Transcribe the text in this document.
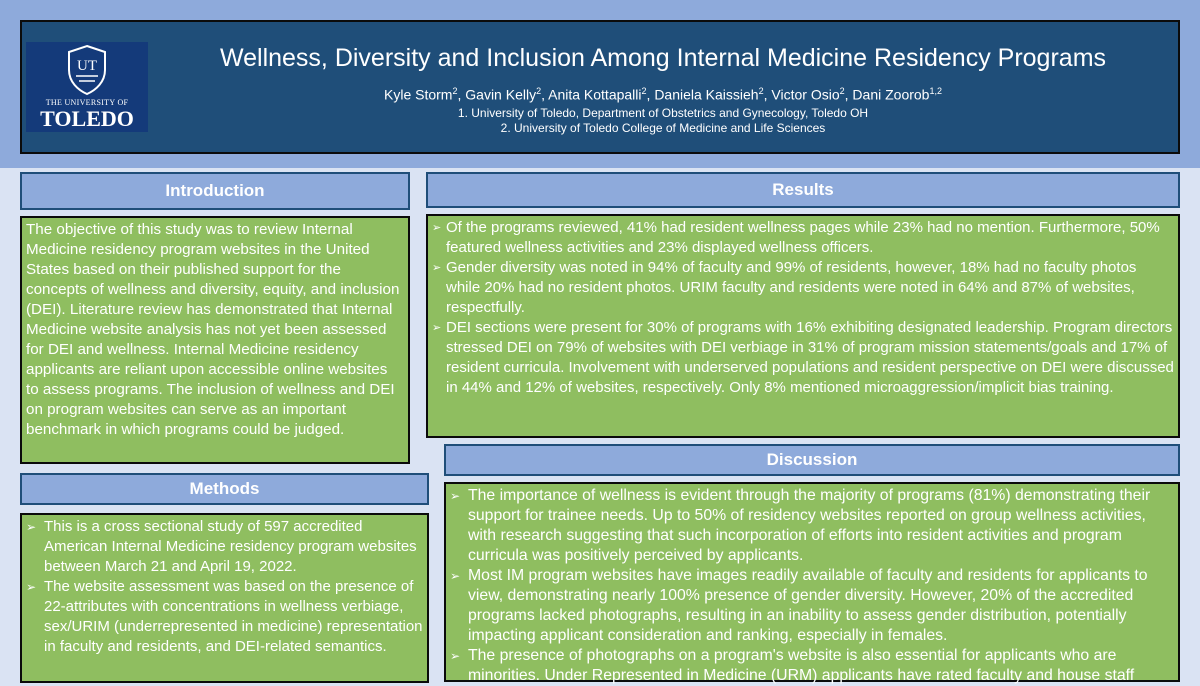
UT
THE UNIVERSITY OF
TOLEDO
Wellness, Diversity and Inclusion Among Internal Medicine Residency Programs
Kyle Storm$^2$, Gavin Kelly$^2$, Anita Kottapalli$^2$, Daniela Kaissieh$^2$, Victor Osio$^2$, Dani Zoorob$^{1,2}$
1. University of Toledo, Department of Obstetrics and Gynecology, Toledo OH
2. University of Toledo College of Medicine and Life Sciences
Introduction
The objective of this study was to review Internal Medicine residency program websites in the United States based on their published support for the concepts of wellness and diversity, equity, and inclusion (DEI). Literature review has demonstrated that Internal Medicine website analysis has not yet been assessed for DEI and wellness. Internal Medicine residency applicants are reliant upon accessible online websites to assess programs. The inclusion of wellness and DEI on program websites can serve as an important benchmark in which programs could be judged.
Methods
➢ This is a cross sectional study of 597 accredited American Internal Medicine residency program websites between March 21 and April 19, 2022.
➢ The website assessment was based on the presence of 22-attributes with concentrations in wellness verbiage, sex/URIM (underrepresented in medicine) representation in faculty and residents, and DEI-related semantics.
Results
➢ Of the programs reviewed, 41% had resident wellness pages while 23% had no mention. Furthermore, 50% featured wellness activities and 23% displayed wellness officers.
➢ Gender diversity was noted in 94% of faculty and 99% of residents, however, 18% had no faculty photos while 20% had no resident photos. URIM faculty and residents were noted in 64% and 87% of websites, respectfully.
➢ DEI sections were present for 30% of programs with 16% exhibiting designated leadership. Program directors stressed DEI on 79% of websites with DEI verbiage in 31% of program mission statements/goals and 17% of resident curricula. Involvement with underserved populations and resident perspective on DEI were discussed in 44% and 12% of websites, respectively. Only 8% mentioned microaggression/implicit bias training.
Discussion
➢ The importance of wellness is evident through the majority of programs (81%) demonstrating their support for trainee needs. Up to 50% of residency websites reported on group wellness activities, with research suggesting that such incorporation of efforts into resident activities and program curricula was positively perceived by applicants.
➢ Most IM program websites have images readily available of faculty and residents for applicants to view, demonstrating nearly 100% presence of gender diversity. However, 20% of the accredited programs lacked photographs, resulting in an inability to assess gender distribution, potentially impacting applicant consideration and ranking, especially in females.
➢ The presence of photographs on a program's website is also essential for applicants who are minorities. Under Represented in Medicine (URM) applicants have rated faculty and house staff
